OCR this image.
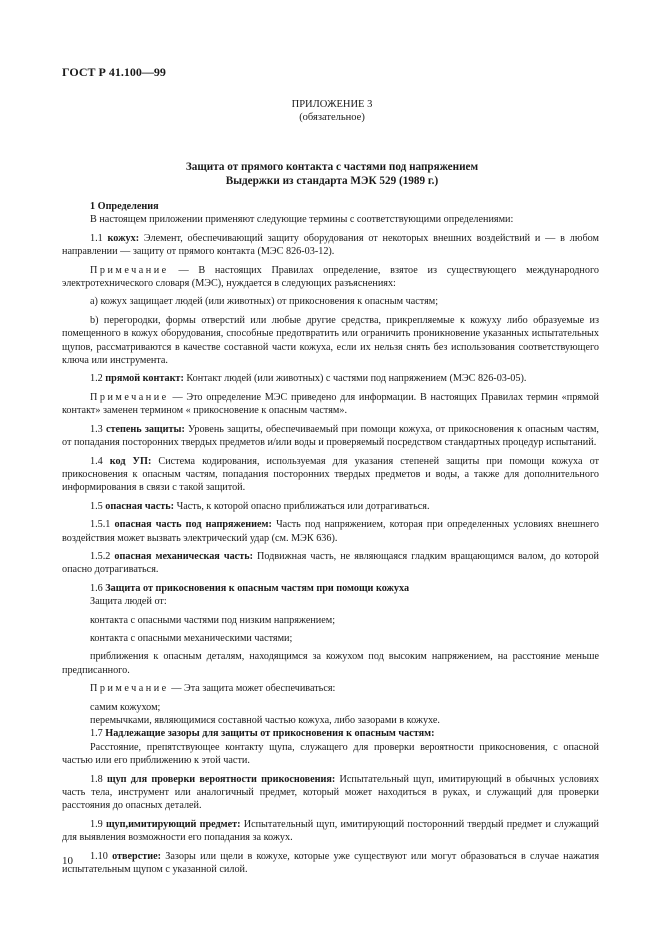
ГОСТ Р 41.100—99
ПРИЛОЖЕНИЕ 3
(обязательное)
Защита от прямого контакта с частями под напряжением
Выдержки из стандарта МЭК 529 (1989 г.)

1 Определения

В настоящем приложении применяют следующие термины с соответствующими определениями:

1.1 кожух: Элемент, обеспечивающий защиту оборудования от некоторых внешних воздействий и — в любом направлении — защиту от прямого контакта (МЭС 826-03-12).

Примечание — В настоящих Правилах определение, взятое из существующего международного электротехнического словаря (МЭС), нуждается в следующих разъяснениях:

a) кожух защищает людей (или животных) от прикосновения к опасным частям;

b) перегородки, формы отверстий или любые другие средства, прикрепляемые к кожуху либо образуемые из помещенного в кожух оборудования, способные предотвратить или ограничить проникновение указанных испытательных щупов, рассматриваются в качестве составной части кожуха, если их нельзя снять без использования соответствующего ключа или инструмента.

1.2 прямой контакт: Контакт людей (или животных) с частями под напряжением (МЭС 826-03-05).

Примечание — Это определение МЭС приведено для информации. В настоящих Правилах термин «прямой контакт» заменен термином « прикосновение к опасным частям».

1.3 степень защиты: Уровень защиты, обеспечиваемый при помощи кожуха, от прикосновения к опасным частям, от попадания посторонних твердых предметов и/или воды и проверяемый посредством стандартных процедур испытаний.

1.4 код УП: Система кодирования, используемая для указания степеней защиты при помощи кожуха от прикосновения к опасным частям, попадания посторонних твердых предметов и воды, а также для дополнительного информирования в связи с такой защитой.

1.5 опасная часть: Часть, к которой опасно приближаться или дотрагиваться.

1.5.1 опасная часть под напряжением: Часть под напряжением, которая при определенных условиях внешнего воздействия может вызвать электрический удар (см. МЭК 636).

1.5.2 опасная механическая часть: Подвижная часть, не являющаяся гладким вращающимся валом, до которой опасно дотрагиваться.

1.6 Защита от прикосновения к опасным частям при помощи кожуха

Защита людей от:

контакта с опасными частями под низким напряжением;

контакта с опасными механическими частями;

приближения к опасным деталям, находящимся за кожухом под высоким напряжением, на расстояние меньше предписанного.

Примечание — Эта защита может обеспечиваться:

самим кожухом;

перемычками, являющимися составной частью кожуха, либо зазорами в кожухе.

1.7 Надлежащие зазоры для защиты от прикосновения к опасным частям:

Расстояние, препятствующее контакту щупа, служащего для проверки вероятности прикосновения, с опасной частью или его приближению к этой части.

1.8 щуп для проверки вероятности прикосновения: Испытательный щуп, имитирующий в обычных условиях часть тела, инструмент или аналогичный предмет, который может находиться в руках, и служащий для проверки расстояния до опасных деталей.

1.9 щуп,имитирующий предмет: Испытательный щуп, имитирующий посторонний твердый предмет и служащий для выявления возможности его попадания за кожух.

1.10 отверстие: Зазоры или щели в кожухе, которые уже существуют или могут образоваться в случае нажатия испытательным щупом с указанной силой.

10
